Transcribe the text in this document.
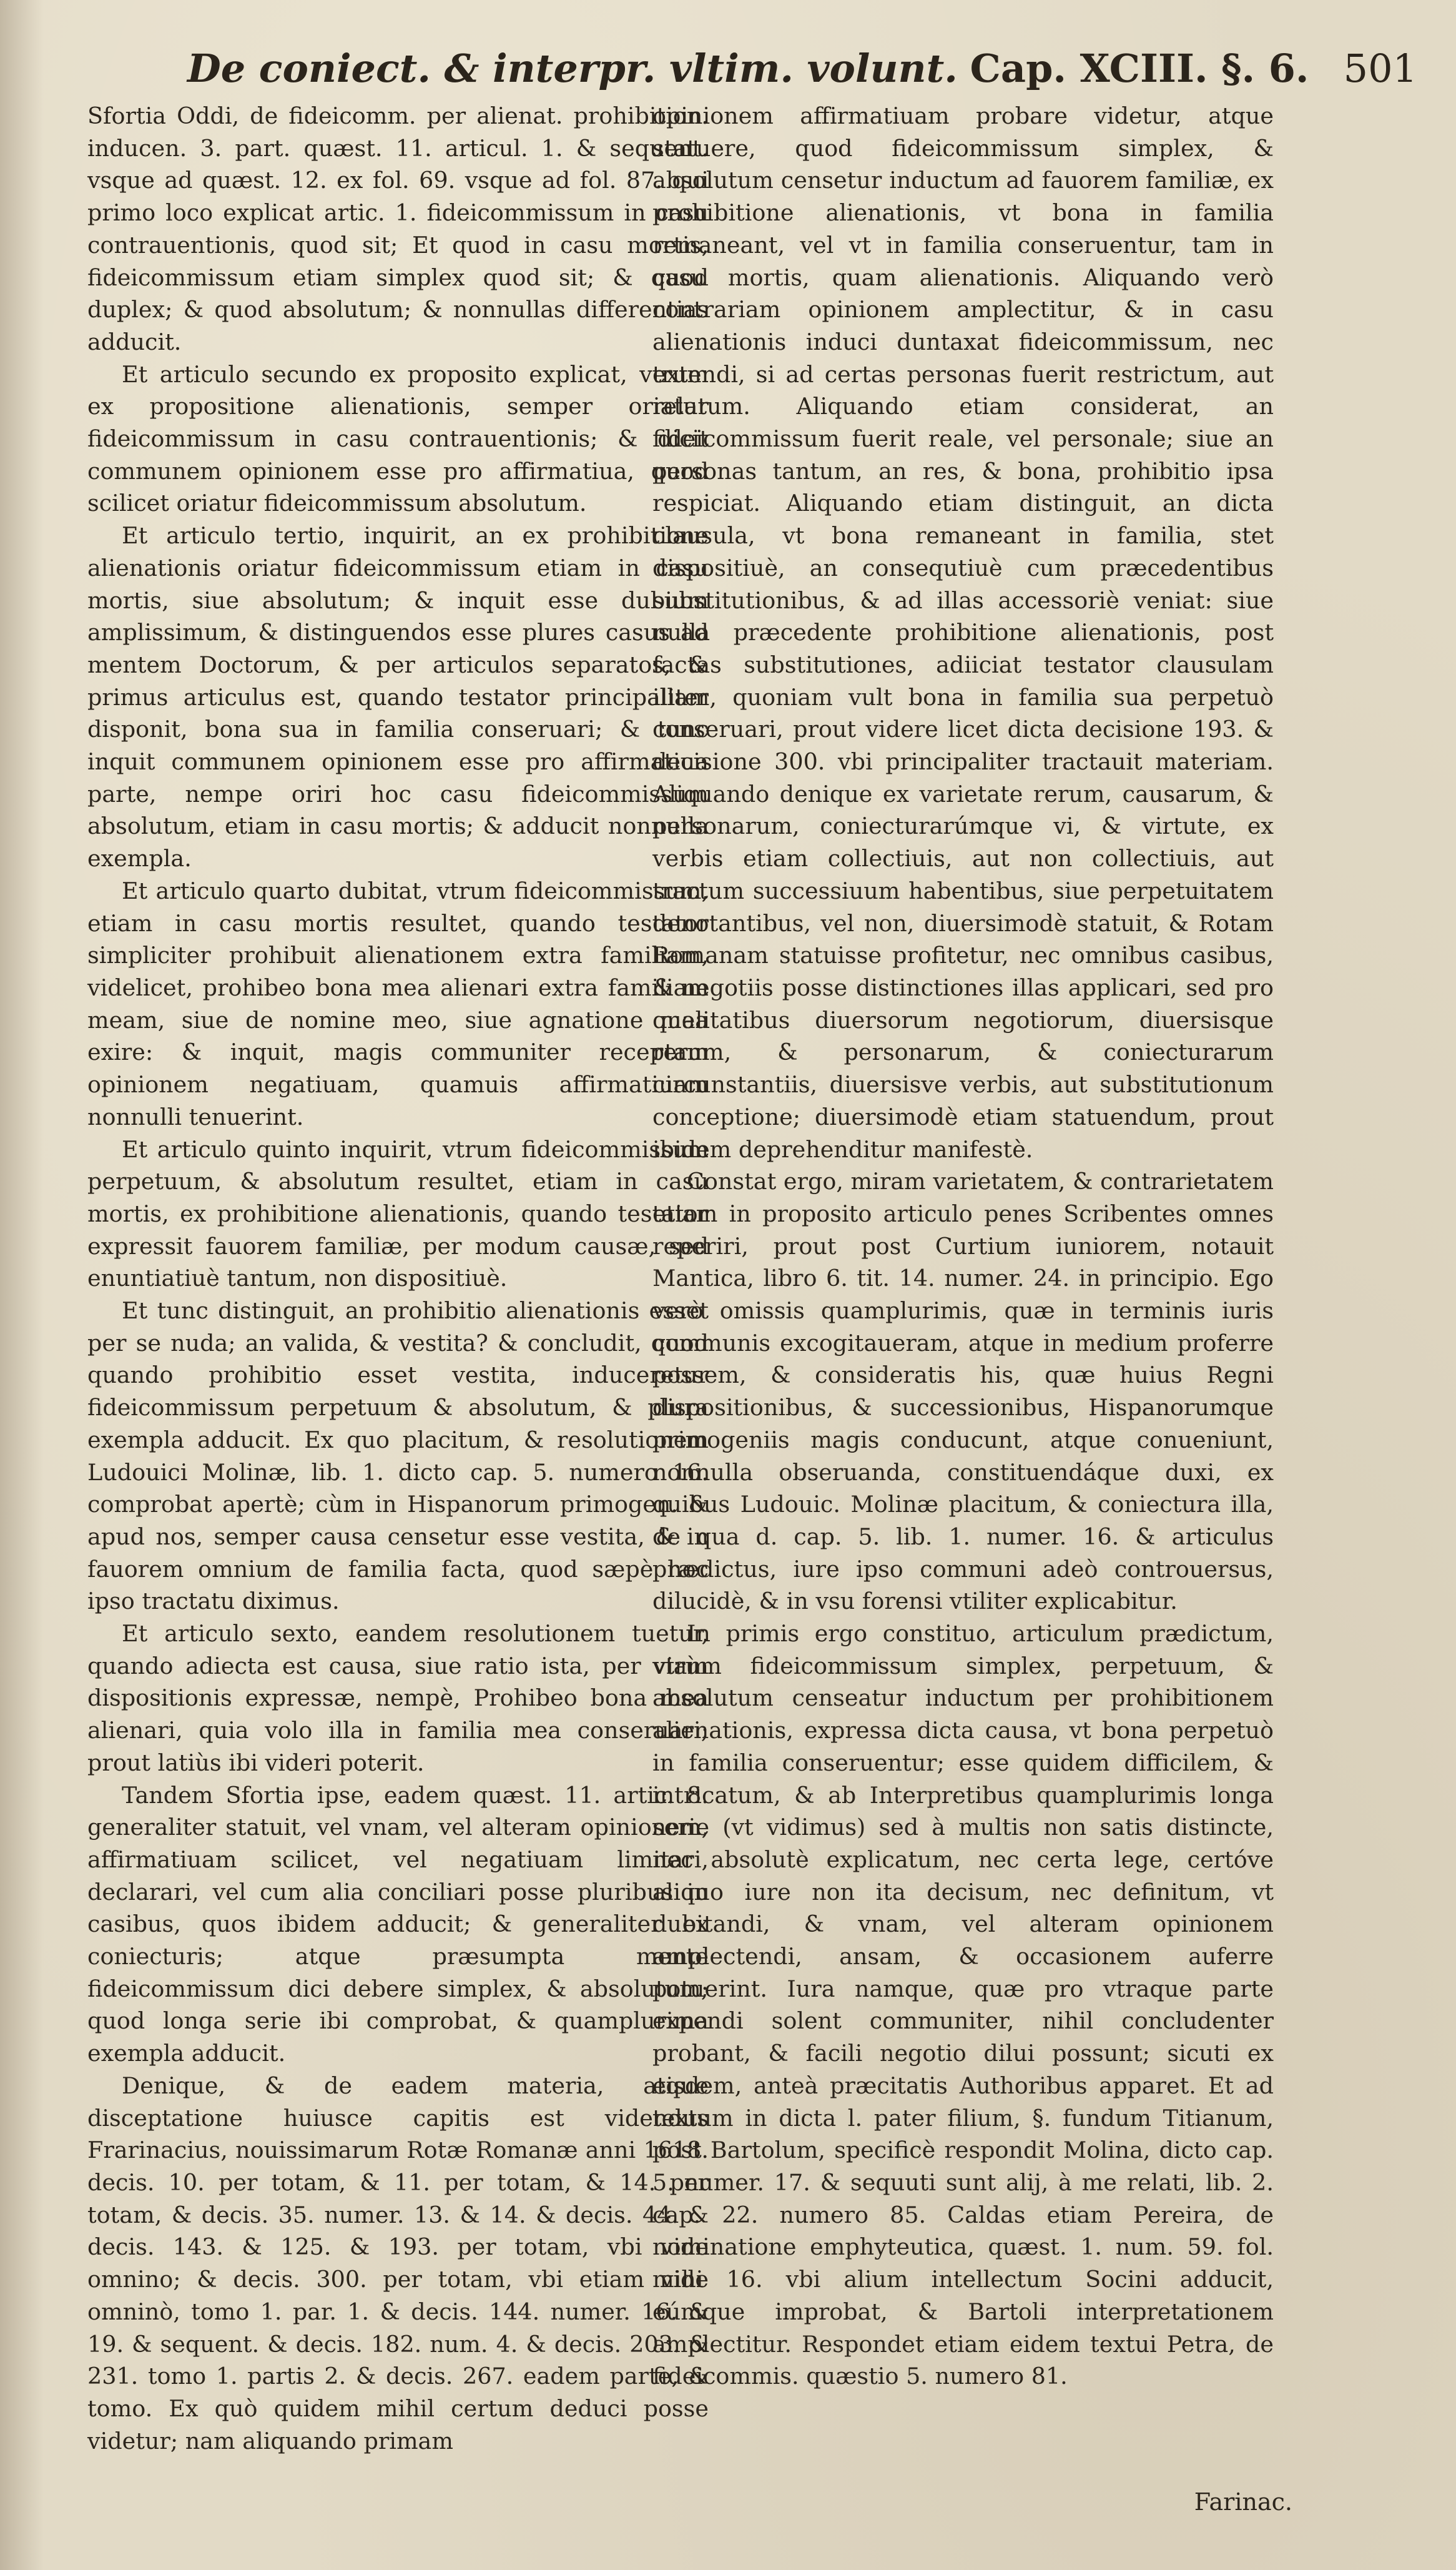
De coniect. & interpr. vltim. volunt. Cap. XCIII. §. 6. 501

Sfortia Oddi, de fideicomm. per alienat. prohibition. inducen. 3. part. quæst. 11. articul. 1. & sequent. vsque ad quæst. 12. ex fol. 69. vsque ad fol. 87. qui primo loco explicat artic. 1. fideicommissum in casu contrauentionis, quod sit; Et quod in casu mortis, fideicommissum etiam simplex quod sit; & quod duplex; & quod absolutum; & nonnullas differentias adducit.

Et articulo secundo ex proposito explicat, vtrum ex propositione alienationis, semper oriatur fideicommissum in casu contrauentionis; & dicit communem opinionem esse pro affirmatiua, quod scilicet oriatur fideicommissum absolutum.

Et articulo tertio, inquirit, an ex prohibitione alienationis oriatur fideicommissum etiam in casu mortis, siue absolutum; & inquit esse dubium amplissimum, & distinguendos esse plures casus ad mentem Doctorum, & per articulos separatos, & primus articulus est, quando testator principaliter disponit, bona sua in familia conseruari; & tunc inquit communem opinionem esse pro affirmatiua parte, nempe oriri hoc casu fideicommissum absolutum, etiam in casu mortis; & adducit nonnulla exempla.

Et articulo quarto dubitat, vtrum fideicommissum, etiam in casu mortis resultet, quando testator simpliciter prohibuit alienationem extra familiam, videlicet, prohibeo bona mea alienari extra familiam meam, siue de nomine meo, siue agnatione mea exire: & inquit, magis communiter receptam opinionem negatiuam, quamuis affirmatiuam nonnulli tenuerint.

Et articulo quinto inquirit, vtrum fideicommissum perpetuum, & absolutum resultet, etiam in casu mortis, ex prohibitione alienationis, quando testator expressit fauorem familiæ, per modum causæ, sed enuntiatiuè tantum, non dispositiuè.

Et tunc distinguit, an prohibitio alienationis esset per se nuda; an valida, & vestita? & concludit, quod quando prohibitio esset vestita, induceretur fideicommissum perpetuum & absolutum, & plura exempla adducit. Ex quo placitum, & resolutionem Ludouici Molinæ, lib. 1. dicto cap. 5. numero 16. comprobat apertè; cùm in Hispanorum primogen. & apud nos, semper causa censetur esse vestita, & in fauorem omnium de familia facta, quod sæpè hoc ipso tractatu diximus.

Et articulo sexto, eandem resolutionem tuetur, quando adiecta est causa, siue ratio ista, per viam dispositionis expressæ, nempè, Prohibeo bona mea alienari, quia volo illa in familia mea conseruari; prout latiùs ibi videri poterit.

Tandem Sfortia ipse, eadem quæst. 11. artic. 8. generaliter statuit, vel vnam, vel alteram opinionem, affirmatiuam scilicet, vel negatiuam limitari, declarari, vel cum alia conciliari posse pluribus in casibus, quos ibidem adducit; & generaliter ex coniecturis; atque præsumpta mente fideicommissum dici debere simplex, & absolutum; quod longa serie ibi comprobat, & quamplurima exempla adducit.

Denique, & de eadem materia, atque disceptatione huiusce capitis est videndus Frarinacius, nouissimarum Rotæ Romanæ anni 1618. decis. 10. per totam, & 11. per totam, & 14. per totam, & decis. 35. numer. 13. & 14. & decis. 44. & decis. 143. & 125. & 193. per totam, vbi vide omnino; & decis. 300. per totam, vbi etiam vide omninò, tomo 1. par. 1. & decis. 144. numer. 16. & 19. & sequent. & decis. 182. num. 4. & decis. 203. & 231. tomo 1. partis 2. & decis. 267. eadem parte, & tomo. Ex quò quidem mihil certum deduci posse videtur; nam aliquando primam

opinionem affirmatiuam probare videtur, atque statuere, quod fideicommissum simplex, & absolutum censetur inductum ad fauorem familiæ, ex prohibitione alienationis, vt bona in familia remaneant, vel vt in familia conseruentur, tam in casu mortis, quam alienationis. Aliquando verò contrariam opinionem amplectitur, & in casu alienationis induci duntaxat fideicommissum, nec extendi, si ad certas personas fuerit restrictum, aut relatum. Aliquando etiam considerat, an fideicommissum fuerit reale, vel personale; siue an personas tantum, an res, & bona, prohibitio ipsa respiciat. Aliquando etiam distinguit, an dicta clausula, vt bona remaneant in familia, stet dispositiuè, an consequtiuè cum præcedentibus substitutionibus, & ad illas accessoriè veniat: siue nulla præcedente prohibitione alienationis, post factas substitutiones, adiiciat testator clausulam illam, quoniam vult bona in familia sua perpetuò conseruari, prout videre licet dicta decisione 193. & decisione 300. vbi principaliter tractauit materiam. Aliquando denique ex varietate rerum, causarum, & personarum, coniecturarúmque vi, & virtute, ex verbis etiam collectiuis, aut non collectiuis, aut tractum successiuum habentibus, siue perpetuitatem denotantibus, vel non, diuersimodè statuit, & Rotam Romanam statuisse profitetur, nec omnibus casibus, & negotiis posse distinctiones illas applicari, sed pro qualitatibus diuersorum negotiorum, diuersisque rerum, & personarum, & coniecturarum circunstantiis, diuersisve verbis, aut substitutionum conceptione; diuersimodè etiam statuendum, prout ibidem deprehenditur manifestè.

Constat ergo, miram varietatem, & contrarietatem etiam in proposito articulo penes Scribentes omnes reperiri, prout post Curtium iuniorem, notauit Mantica, libro 6. tit. 14. numer. 24. in principio. Ego verò omissis quamplurimis, quæ in terminis iuris communis excogitaueram, atque in medium proferre possem, & consideratis his, quæ huius Regni dispositionibus, & successionibus, Hispanorumque primogeniis magis conducunt, atque conueniunt, nonnulla obseruanda, constituendáque duxi, ex quibus Ludouic. Molinæ placitum, & coniectura illa, de qua d. cap. 5. lib. 1. numer. 16. & articulus prædictus, iure ipso communi adeò controuersus, dilucidè, & in vsu forensi vtiliter explicabitur.

In primis ergo constituo, articulum prædictum, vtrùm fideicommissum simplex, perpetuum, & absolutum censeatur inductum per prohibitionem alienationis, expressa dicta causa, vt bona perpetuò in familia conseruentur; esse quidem difficilem, & intricatum, & ab Interpretibus quamplurimis longa serie (vt vidimus) sed à multis non satis distincte, nec absolutè explicatum, nec certa lege, certóve aliquo iure non ita decisum, nec definitum, vt dubitandi, & vnam, vel alteram opinionem amplectendi, ansam, & occasionem auferre potuerint. Iura namque, quæ pro vtraque parte expendi solent communiter, nihil concludenter probant, & facili negotio dilui possunt; sicuti ex eisdem, anteà præcitatis Authoribus apparet. Et ad textum in dicta l. pater filium, §. fundum Titianum, post Bartolum, specificè respondit Molina, dicto cap. 5. numer. 17. & sequuti sunt alij, à me relati, lib. 2. cap. 22. numero 85. Caldas etiam Pereira, de nominatione emphyteutica, quæst. 1. num. 59. fol. mihi 16. vbi alium intellectum Socini adducit, eúmque improbat, & Bartoli interpretationem amplectitur. Respondet etiam eidem textui Petra, de fideicommis. quæstio 5. numero 81.

Farinac.
